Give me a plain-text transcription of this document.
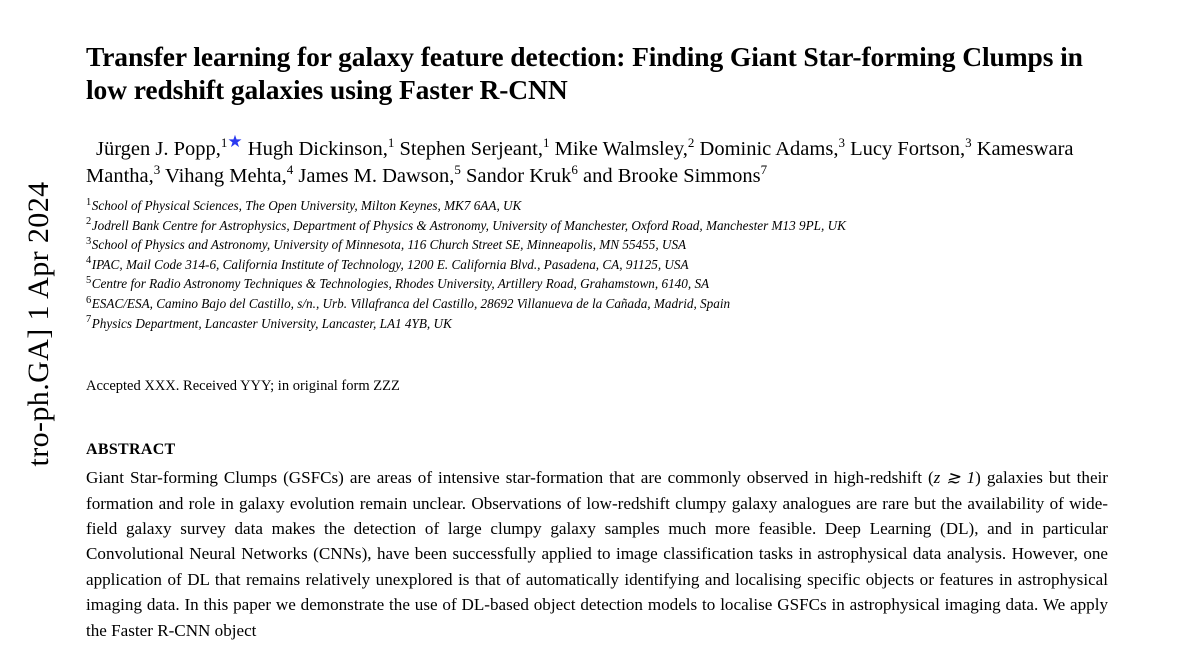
tro-ph.GA] 1 Apr 2024
Transfer learning for galaxy feature detection: Finding Giant Star-forming Clumps in low redshift galaxies using Faster R-CNN
Jürgen J. Popp,$^{1★}$ Hugh Dickinson,$^1$ Stephen Serjeant,$^1$ Mike Walmsley,$^2$ Dominic Adams,$^3$ Lucy Fortson,$^3$ Kameswara Mantha,$^3$ Vihang Mehta,$^4$ James M. Dawson,$^5$ Sandor Kruk$^6$ and Brooke Simmons$^7$
$^1$School of Physical Sciences, The Open University, Milton Keynes, MK7 6AA, UK
$^2$Jodrell Bank Centre for Astrophysics, Department of Physics & Astronomy, University of Manchester, Oxford Road, Manchester M13 9PL, UK
$^3$School of Physics and Astronomy, University of Minnesota, 116 Church Street SE, Minneapolis, MN 55455, USA
$^4$IPAC, Mail Code 314-6, California Institute of Technology, 1200 E. California Blvd., Pasadena, CA, 91125, USA
$^5$Centre for Radio Astronomy Techniques & Technologies, Rhodes University, Artillery Road, Grahamstown, 6140, SA
$^6$ESAC/ESA, Camino Bajo del Castillo, s/n., Urb. Villafranca del Castillo, 28692 Villanueva de la Cañada, Madrid, Spain
$^7$Physics Department, Lancaster University, Lancaster, LA1 4YB, UK
Accepted XXX. Received YYY; in original form ZZZ
ABSTRACT
Giant Star-forming Clumps (GSFCs) are areas of intensive star-formation that are commonly observed in high-redshift (z ≳ 1) galaxies but their formation and role in galaxy evolution remain unclear. Observations of low-redshift clumpy galaxy analogues are rare but the availability of wide-field galaxy survey data makes the detection of large clumpy galaxy samples much more feasible. Deep Learning (DL), and in particular Convolutional Neural Networks (CNNs), have been successfully applied to image classification tasks in astrophysical data analysis. However, one application of DL that remains relatively unexplored is that of automatically identifying and localising specific objects or features in astrophysical imaging data. In this paper we demonstrate the use of DL-based object detection models to localise GSFCs in astrophysical imaging data. We apply the Faster R-CNN object
